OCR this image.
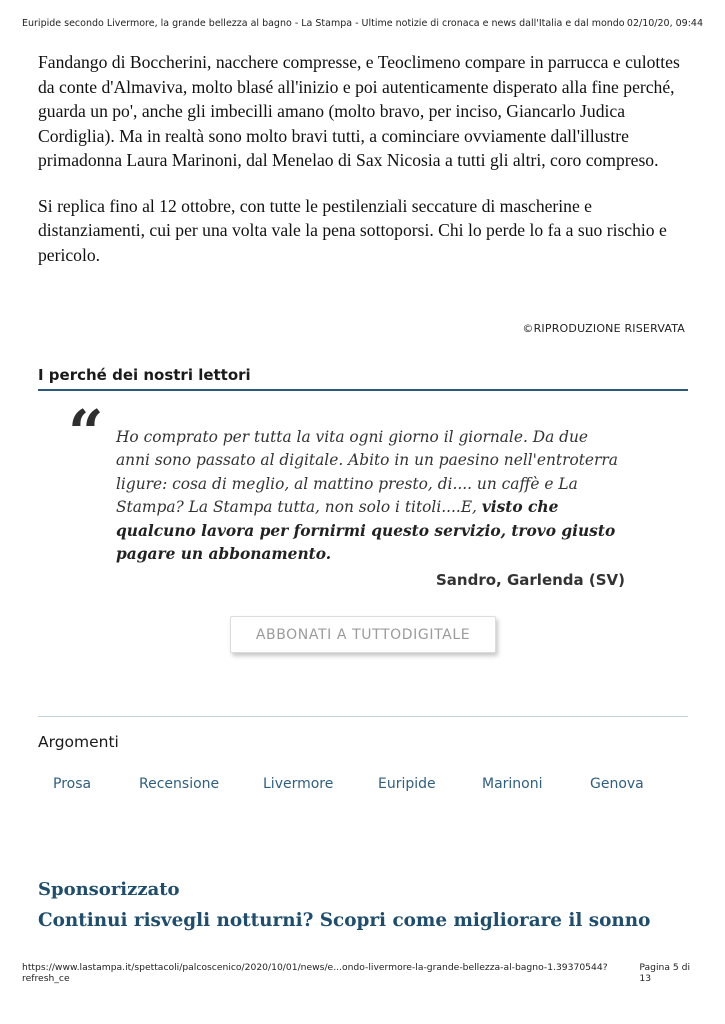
Euripide secondo Livermore, la grande bellezza al bagno - La Stampa - Ultime notizie di cronaca e news dall'Italia e dal mondo 02/10/20, 09:44

Fandango di Boccherini, nacchere compresse, e Teoclimeno compare in parrucca e culottes da conte d'Almaviva, molto blasé all'inizio e poi autenticamente disperato alla fine perché, guarda un po', anche gli imbecilli amano (molto bravo, per inciso, Giancarlo Judica Cordiglia). Ma in realtà sono molto bravi tutti, a cominciare ovviamente dall'illustre primadonna Laura Marinoni, dal Menelao di Sax Nicosia a tutti gli altri, coro compreso.

Si replica fino al 12 ottobre, con tutte le pestilenziali seccature di mascherine e distanziamenti, cui per una volta vale la pena sottoporsi. Chi lo perde lo fa a suo rischio e pericolo.

©RIPRODUZIONE RISERVATA
I perché dei nostri lettori
“ Ho comprato per tutta la vita ogni giorno il giornale. Da due anni sono passato al digitale. Abito in un paesino nell'entroterra ligure: cosa di meglio, al mattino presto, di.... un caffè e La Stampa? La Stampa tutta, non solo i titoli....E, visto che qualcuno lavora per fornirmi questo servizio, trovo giusto pagare un abbonamento.
Sandro, Garlenda (SV)
ABBONATI A TUTTODIGITALE
Argomenti
Prosa	Recensione	Livermore	Euripide	Marinoni	Genova
Sponsorizzato
Continui risvegli notturni? Scopri come migliorare il sonno
https://www.lastampa.it/spettacoli/palcoscenico/2020/10/01/news/e...ondo-livermore-la-grande-bellezza-al-bagno-1.39370544?refresh_ce
Pagina 5 di 13
